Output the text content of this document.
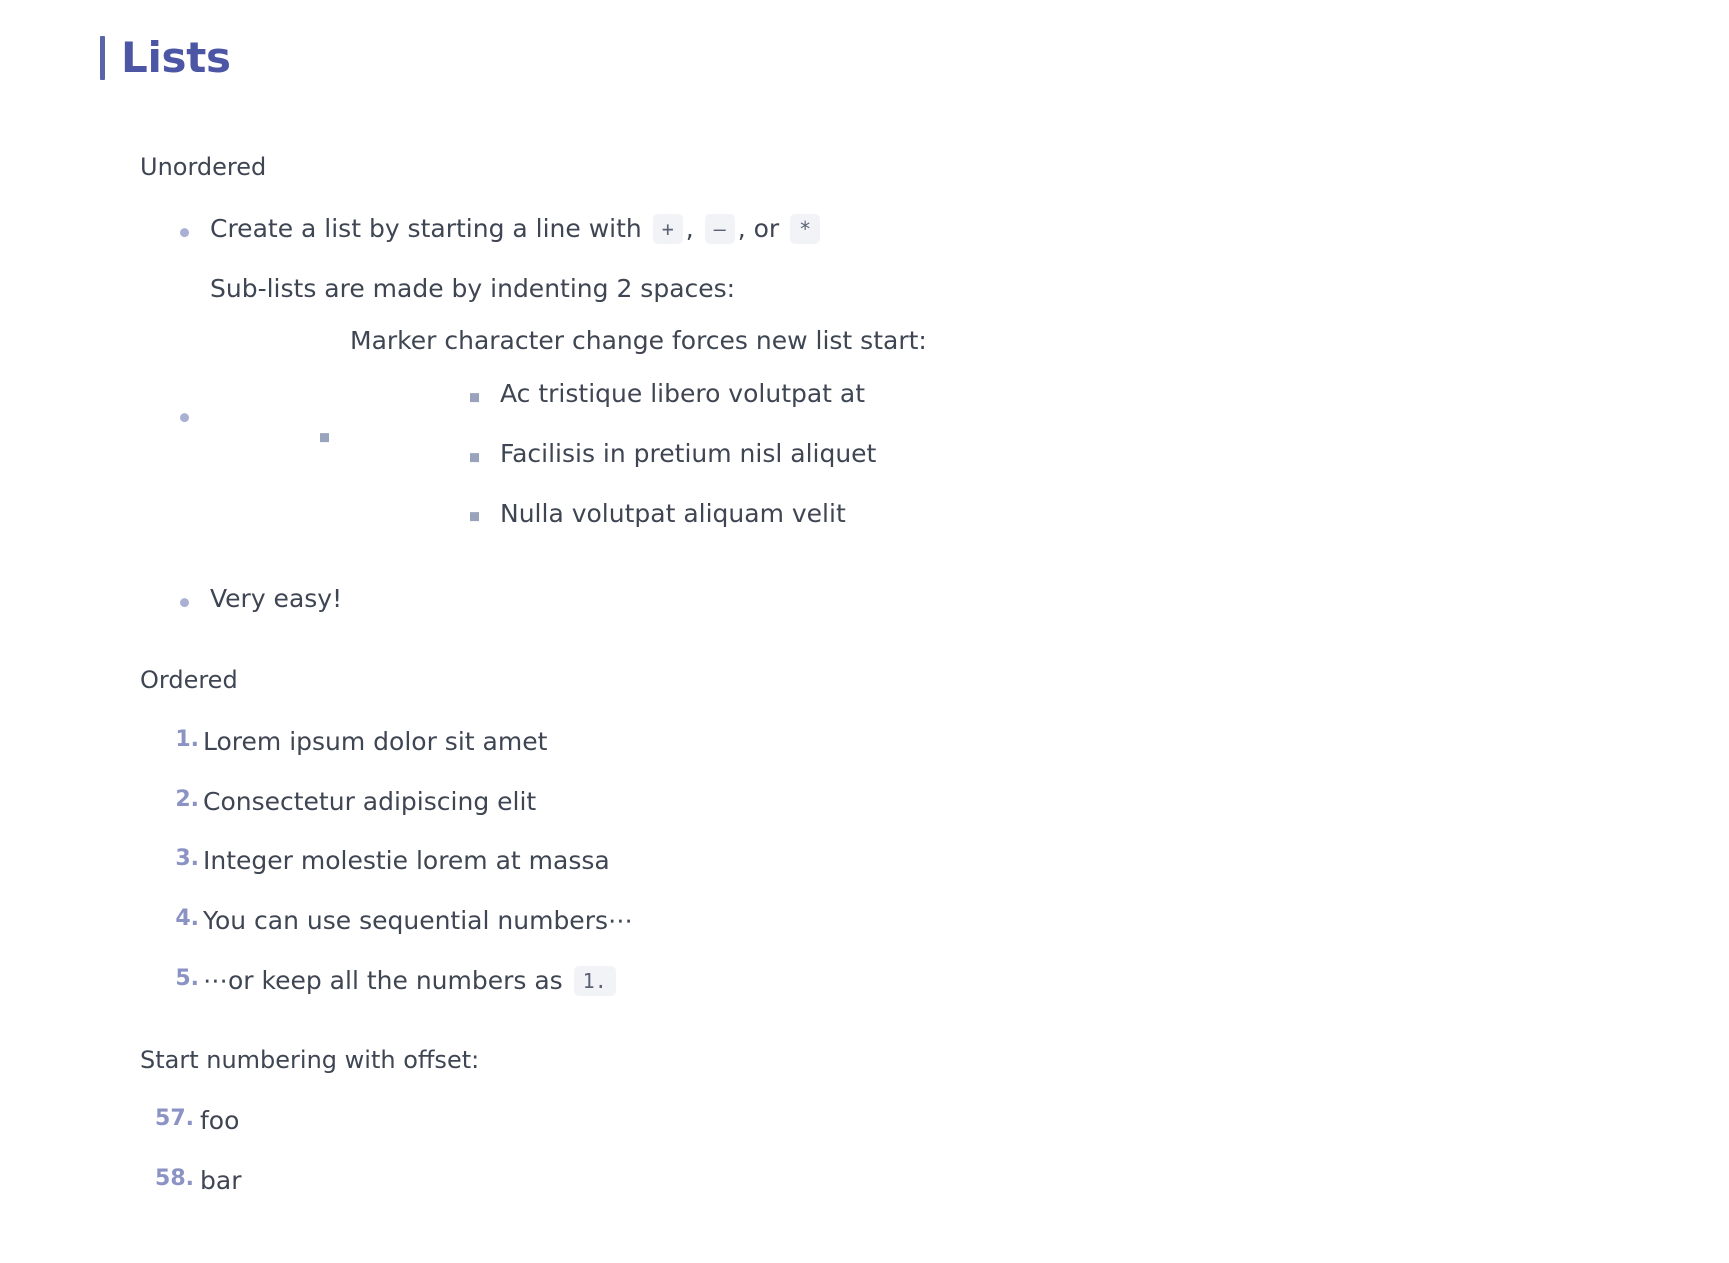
Lists

Unordered

Create a list by starting a line with + , – , or *
Sub-lists are made by indenting 2 spaces:
Marker character change forces new list start:
Ac tristique libero volutpat at
Facilisis in pretium nisl aliquet
Nulla volutpat aliquam velit
Very easy!

Ordered

1. Lorem ipsum dolor sit amet
2. Consectetur adipiscing elit
3. Integer molestie lorem at massa
4. You can use sequential numbers⋯
5. ⋯or keep all the numbers as 1.

Start numbering with offset:

57. foo
58. bar
